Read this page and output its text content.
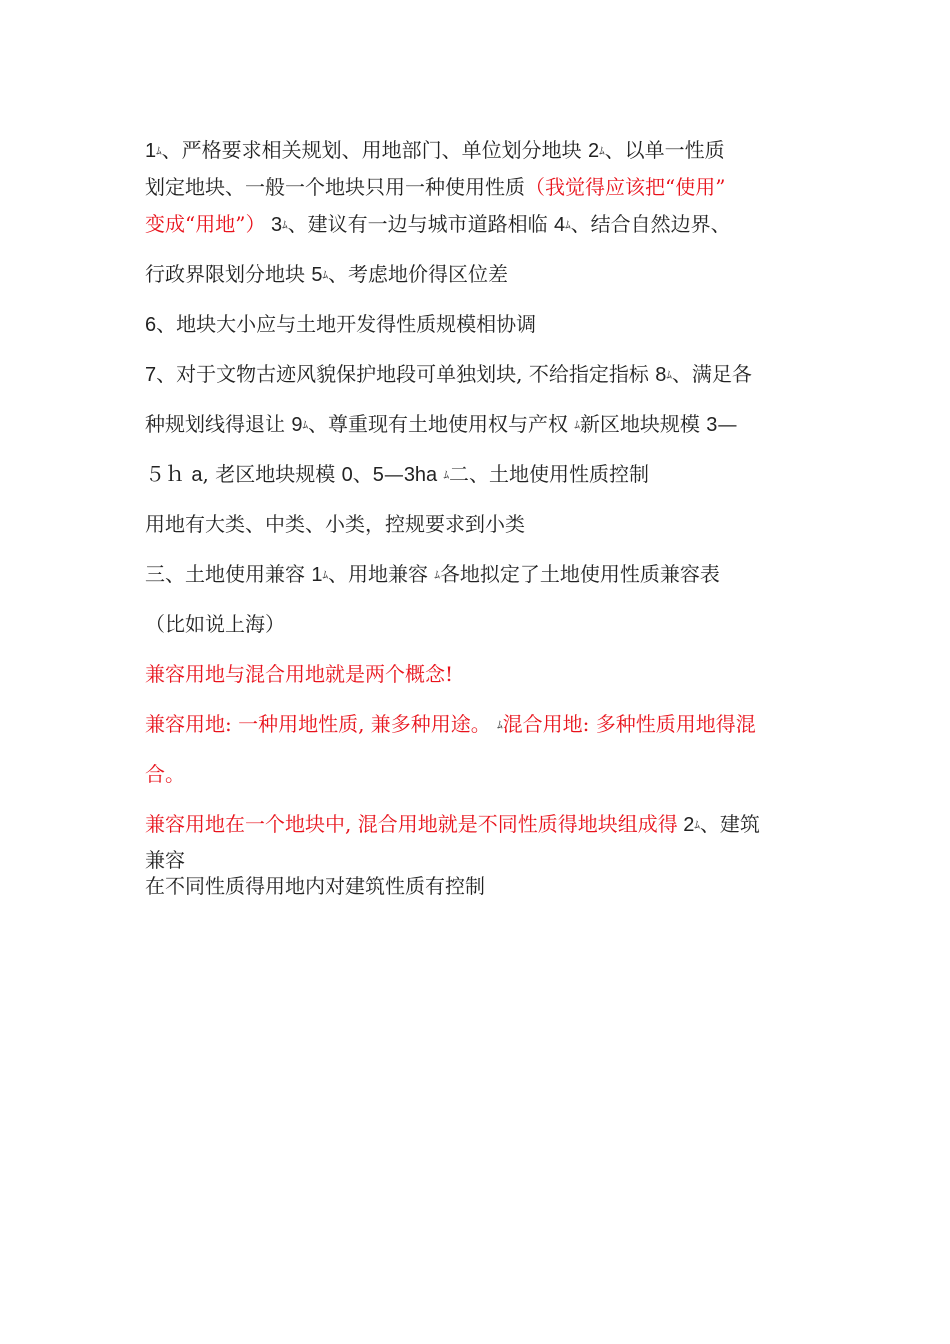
1ﾑ、严格要求相关规划、用地部门、单位划分地块 2ﾑ、以单一性质
划定地块、一般一个地块只用一种使用性质（我觉得应该把“使用”
变成“用地”） 3ﾑ、建议有一边与城市道路相临 4ﾑ、结合自然边界、
行政界限划分地块 5ﾑ、考虑地价得区位差
6、地块大小应与土地开发得性质规模相协调
7、对于文物古迹风貌保护地段可单独划块, 不给指定指标 8ﾑ、满足各
种规划线得退让 9ﾑ、尊重现有土地使用权与产权 ﾑ新区地块规模 3—
５ｈ a, 老区地块规模 0、5—3ha ﾑ二、土地使用性质控制
用地有大类、中类、小类，控规要求到小类
三、土地使用兼容 1ﾑ、用地兼容 ﾑ各地拟定了土地使用性质兼容表
（比如说上海）
兼容用地与混合用地就是两个概念!
兼容用地: 一种用地性质, 兼多种用途。 ﾑ混合用地: 多种性质用地得混
合。
兼容用地在一个地块中, 混合用地就是不同性质得地块组成得 2ﾑ、建筑
兼容
在不同性质得用地内对建筑性质有控制
